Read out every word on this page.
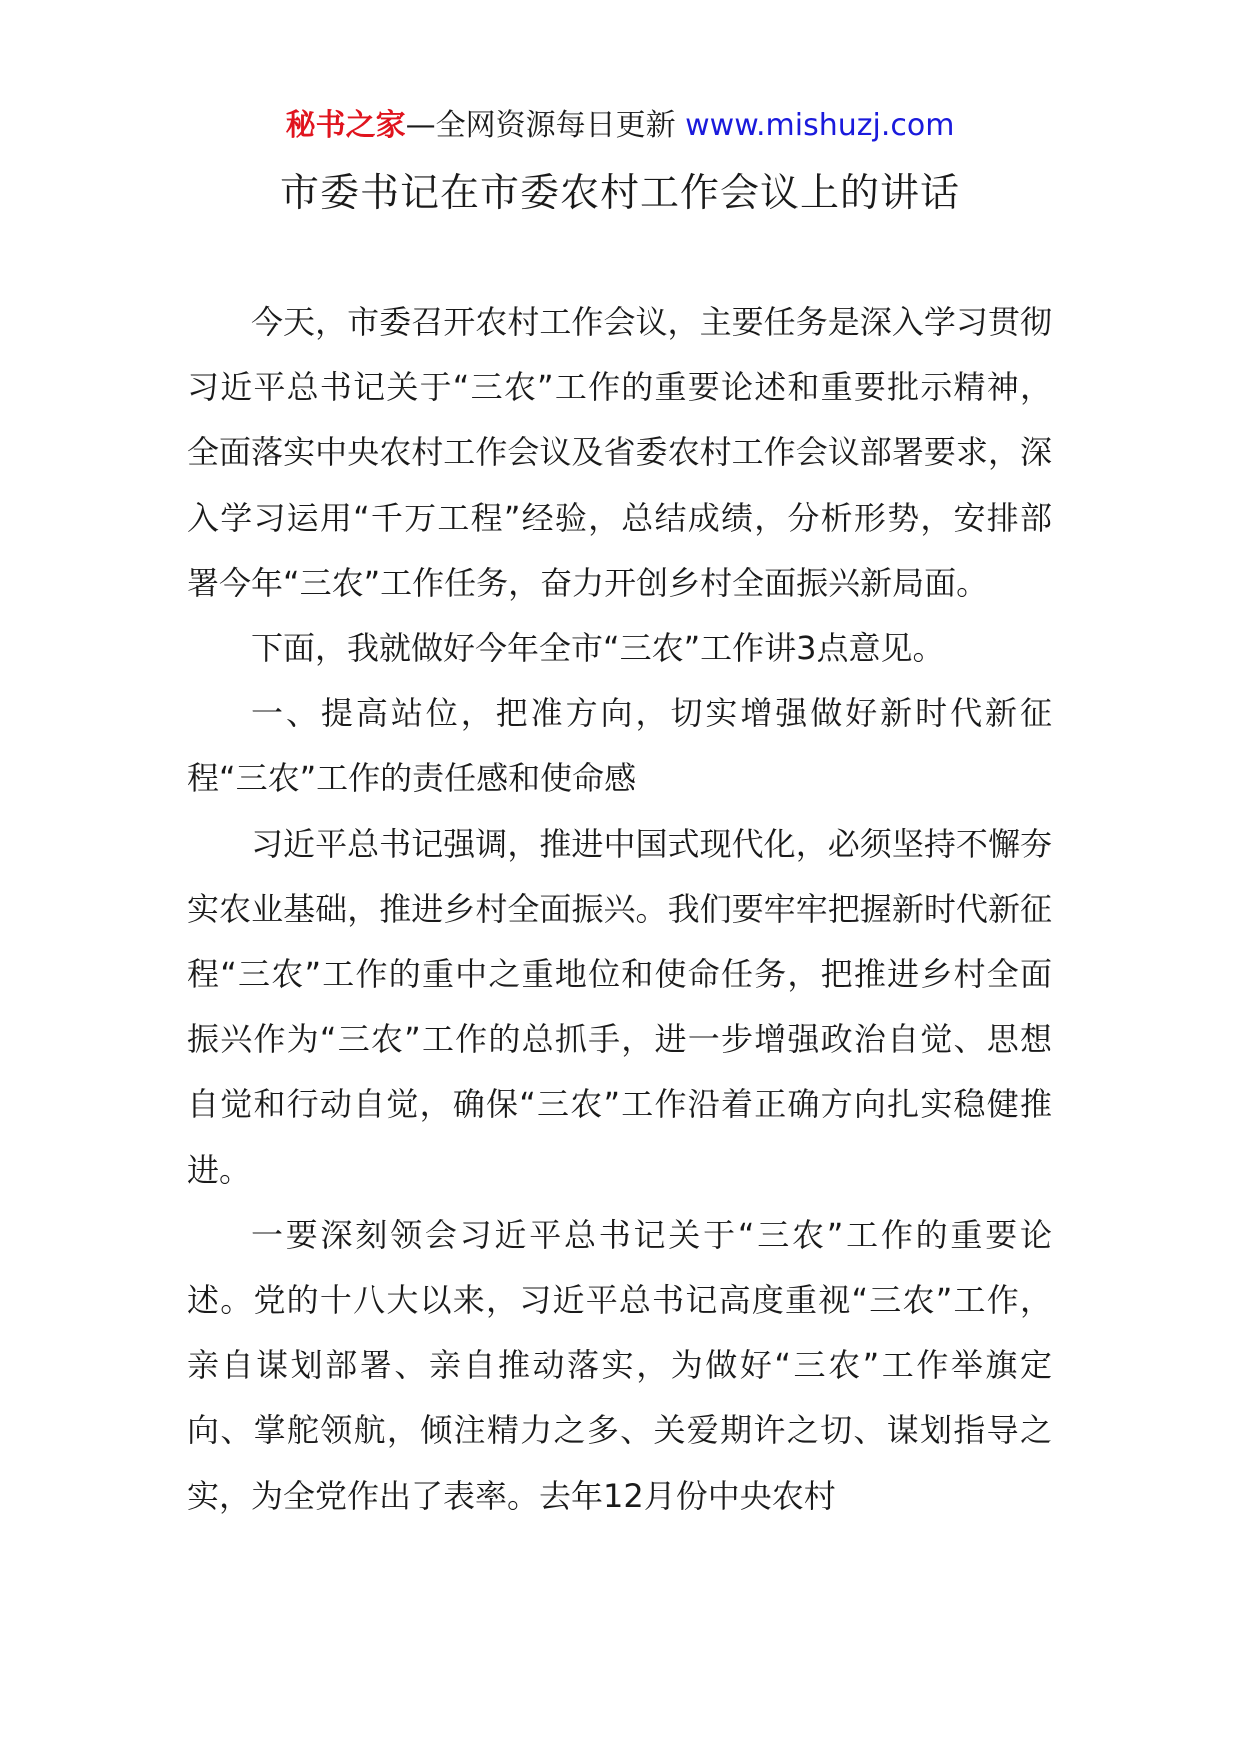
秘书之家—全网资源每日更新 www.mishuzj.com
市委书记在市委农村工作会议上的讲话

今天，市委召开农村工作会议，主要任务是深入学习贯彻习近平总书记关于“三农”工作的重要论述和重要批示精神，全面落实中央农村工作会议及省委农村工作会议部署要求，深入学习运用“千万工程”经验，总结成绩，分析形势，安排部署今年“三农”工作任务，奋力开创乡村全面振兴新局面。

下面，我就做好今年全市“三农”工作讲3点意见。

一、提高站位，把准方向，切实增强做好新时代新征程“三农”工作的责任感和使命感

习近平总书记强调，推进中国式现代化，必须坚持不懈夯实农业基础，推进乡村全面振兴。我们要牢牢把握新时代新征程“三农”工作的重中之重地位和使命任务，把推进乡村全面振兴作为“三农”工作的总抓手，进一步增强政治自觉、思想自觉和行动自觉，确保“三农”工作沿着正确方向扎实稳健推进。

一要深刻领会习近平总书记关于“三农”工作的重要论述。党的十八大以来，习近平总书记高度重视“三农”工作，亲自谋划部署、亲自推动落实，为做好“三农”工作举旗定向、掌舵领航，倾注精力之多、关爱期许之切、谋划指导之实，为全党作出了表率。去年12月份中央农村
